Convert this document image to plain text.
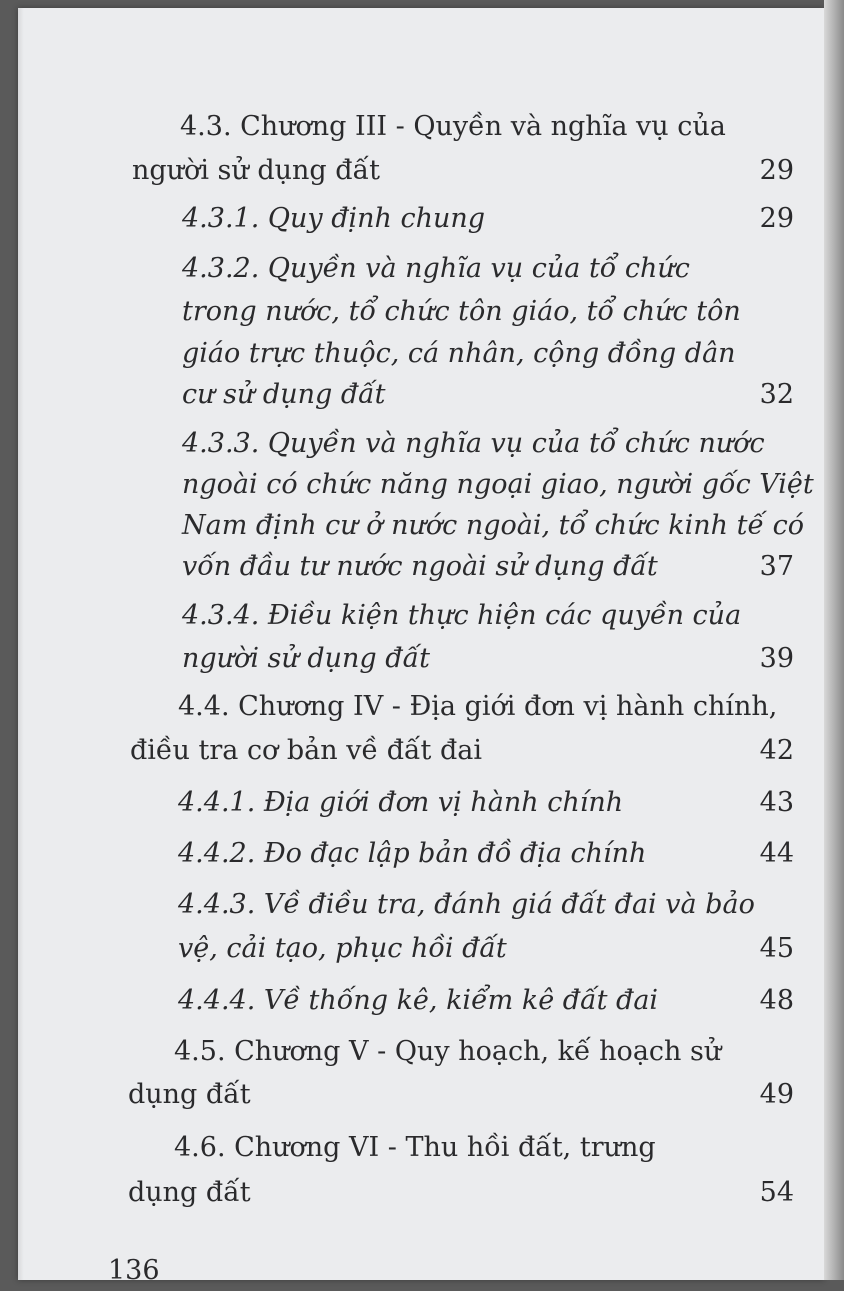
4.3. Chương III - Quyền và nghĩa vụ của
người sử dụng đất	29
4.3.1. Quy định chung	29
4.3.2. Quyền và nghĩa vụ của tổ chức
trong nước, tổ chức tôn giáo, tổ chức tôn
giáo trực thuộc, cá nhân, cộng đồng dân
cư sử dụng đất	32
4.3.3. Quyền và nghĩa vụ của tổ chức nước
ngoài có chức năng ngoại giao, người gốc Việt
Nam định cư ở nước ngoài, tổ chức kinh tế có
vốn đầu tư nước ngoài sử dụng đất	37
4.3.4. Điều kiện thực hiện các quyền của
người sử dụng đất	39
4.4. Chương IV - Địa giới đơn vị hành chính,
điều tra cơ bản về đất đai	42
4.4.1. Địa giới đơn vị hành chính	43
4.4.2. Đo đạc lập bản đồ địa chính	44
4.4.3. Về điều tra, đánh giá đất đai và bảo
vệ, cải tạo, phục hồi đất	45
4.4.4. Về thống kê, kiểm kê đất đai	48
4.5. Chương V - Quy hoạch, kế hoạch sử
dụng đất	49
4.6. Chương VI - Thu hồi đất, trưng
dụng đất	54
136
